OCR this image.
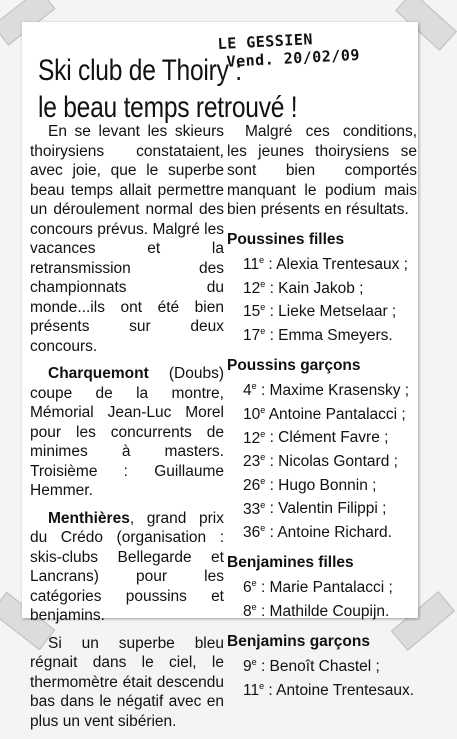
LE GESSIEN
Vend. 20/02/09
Ski club de Thoiry :
le beau temps retrouvé !

En se levant les skieurs thoirysiens constataient, avec joie, que le superbe beau temps allait permettre un déroulement normal des concours prévus. Malgré les vacances et la retransmission des championnats du monde...ils ont été bien présents sur deux concours.

Charquemont (Doubs) coupe de la montre, Mémorial Jean-Luc Morel pour les concurrents de minimes à masters. Troisième : Guillaume Hemmer.

Menthières, grand prix du Crédo (organisation : skis-clubs Bellegarde et Lancrans) pour les catégories poussins et benjamins.

Si un superbe bleu régnait dans le ciel, le thermomètre était descendu bas dans le négatif avec en plus un vent sibérien.

Malgré ces conditions, les jeunes thoirysiens se sont bien comportés manquant le podium mais bien présents en résultats.

Poussines filles
11e : Alexia Trentesaux ;
12e : Kain Jakob ;
15e : Lieke Metselaar ;
17e : Emma Smeyers.
Poussins garçons
4e : Maxime Krasensky ;
10e Antoine Pantalacci ;
12e : Clément Favre ;
23e : Nicolas Gontard ;
26e : Hugo Bonnin ;
33e : Valentin Filippi ;
36e : Antoine Richard.
Benjamines filles
6e : Marie Pantalacci ;
8e : Mathilde Coupijn.
Benjamins garçons
9e : Benoît Chastel ;
11e : Antoine Trentesaux.
